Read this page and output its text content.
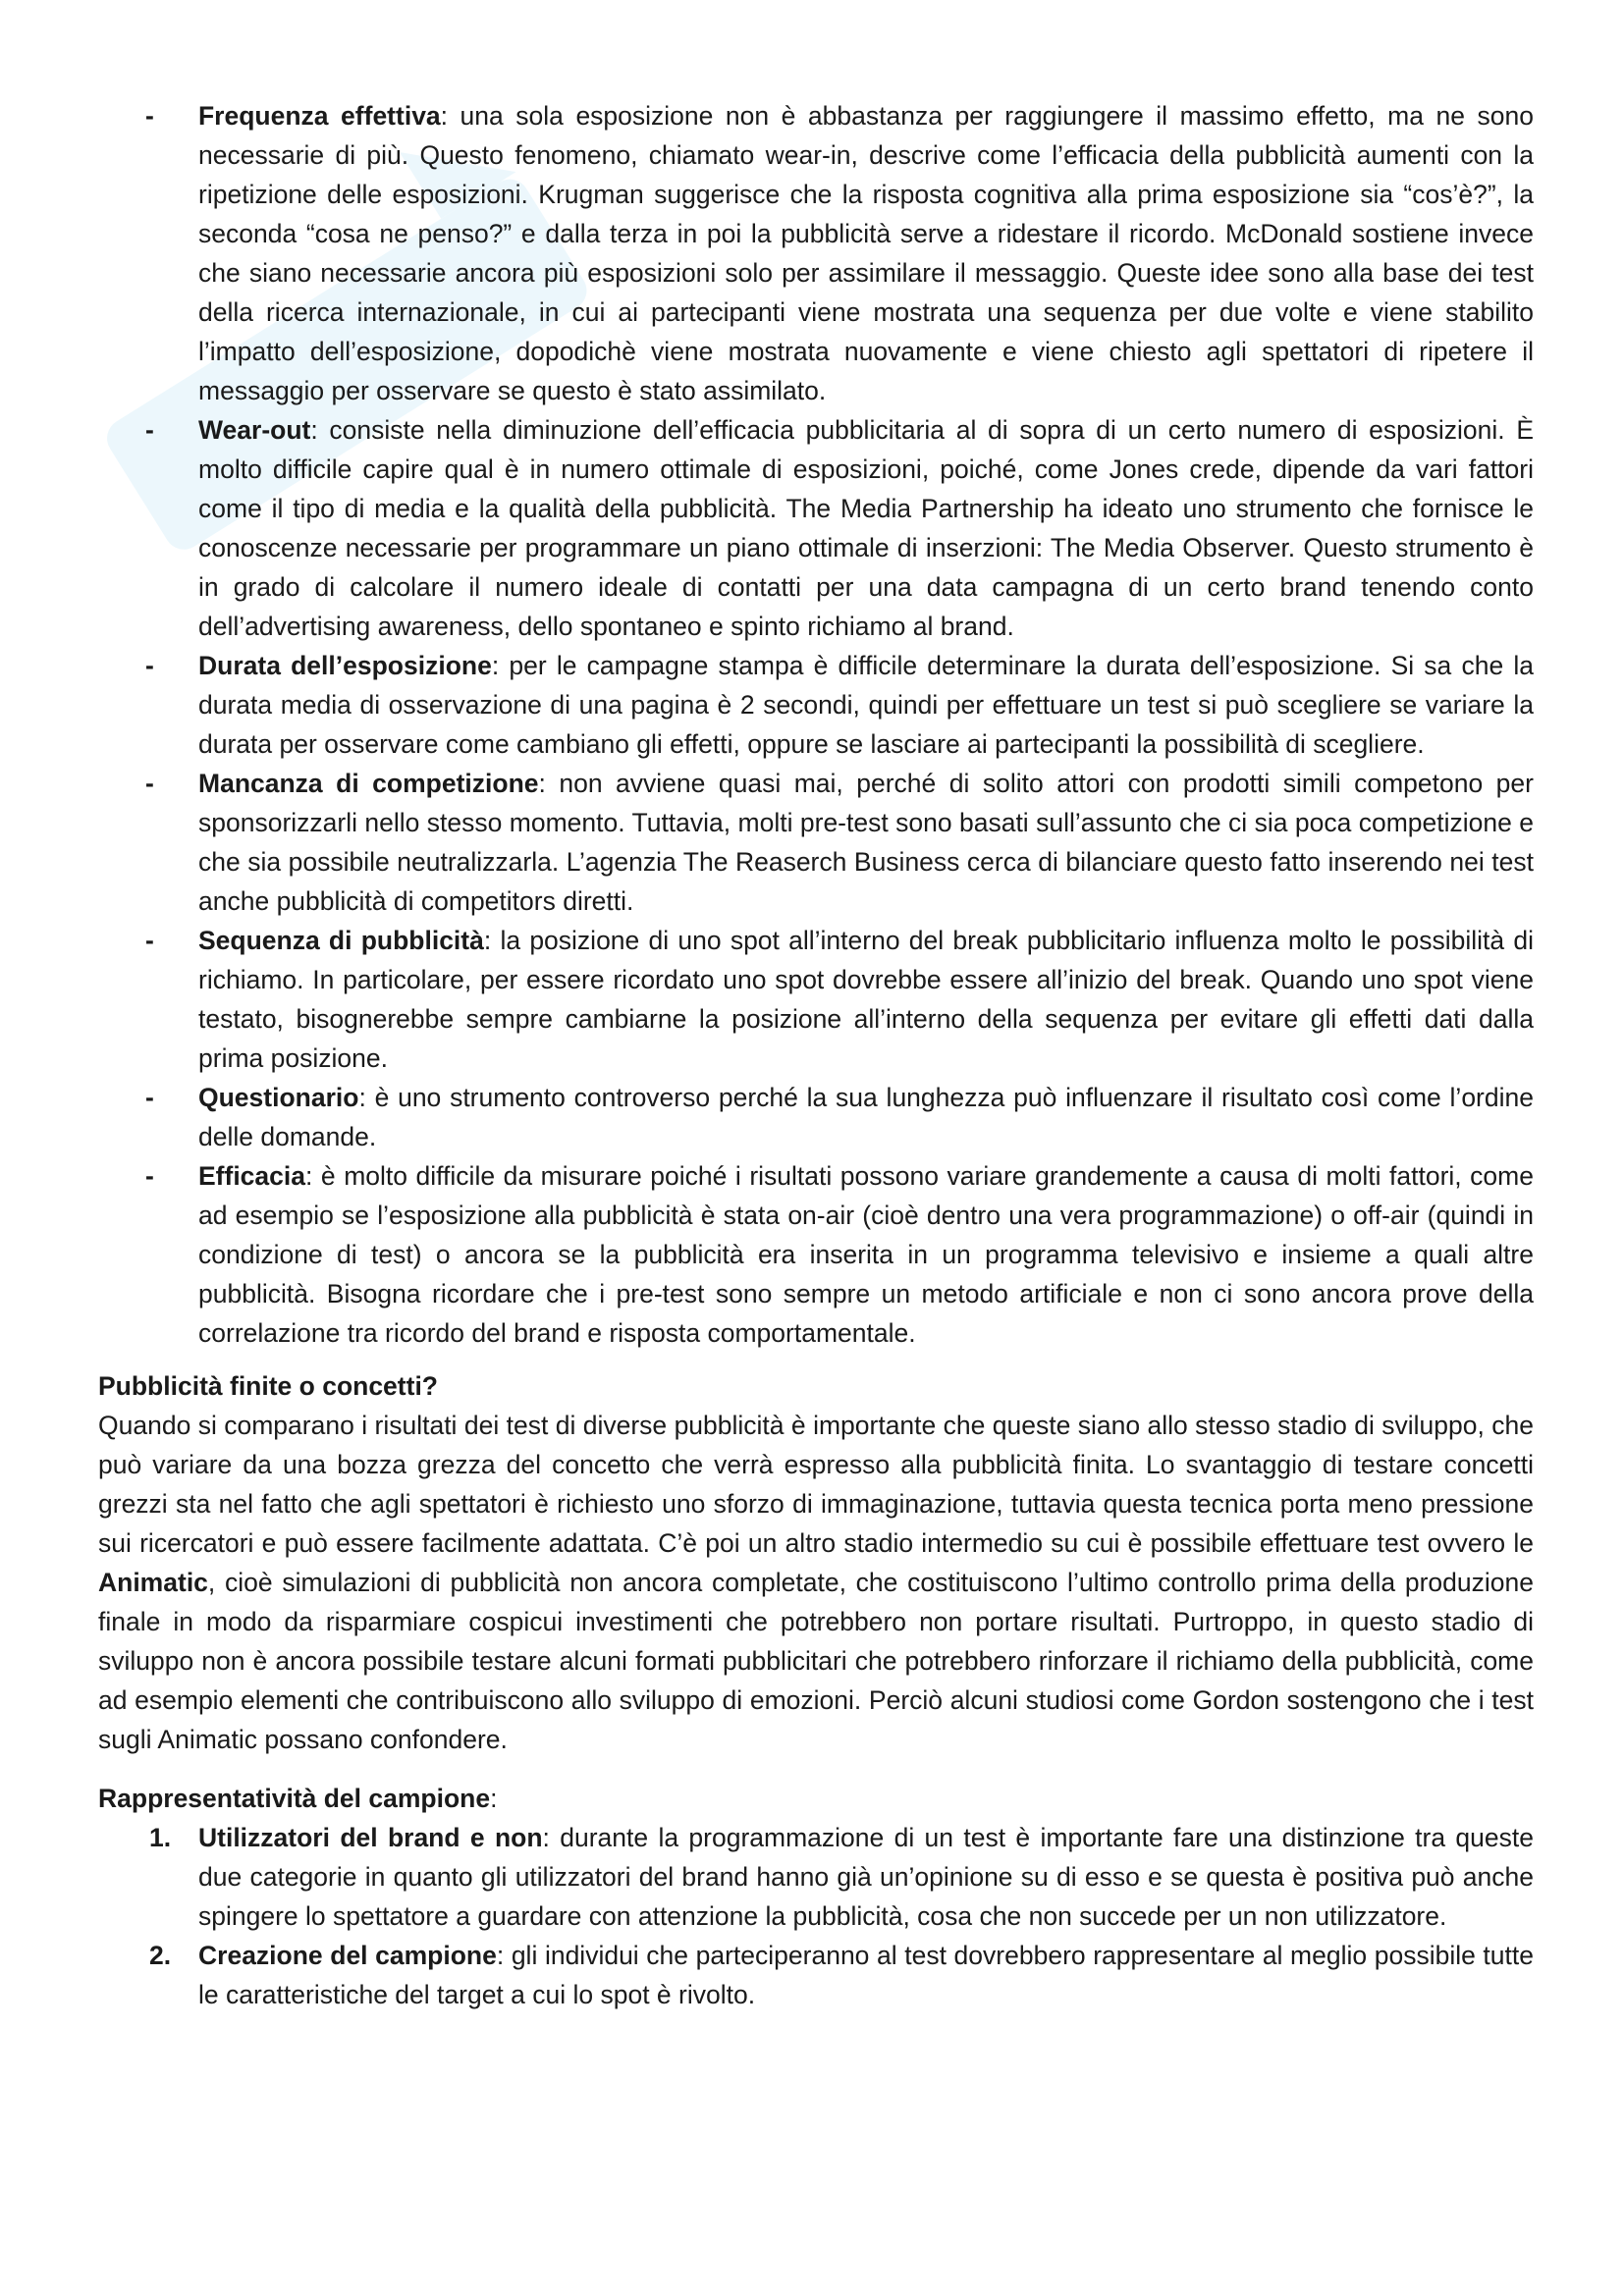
- Frequenza effettiva: una sola esposizione non è abbastanza per raggiungere il massimo effetto, ma ne sono necessarie di più. Questo fenomeno, chiamato wear-in, descrive come l’efficacia della pubblicità aumenti con la ripetizione delle esposizioni. Krugman suggerisce che la risposta cognitiva alla prima esposizione sia “cos’è?”, la seconda “cosa ne penso?” e dalla terza in poi la pubblicità serve a ridestare il ricordo. McDonald sostiene invece che siano necessarie ancora più esposizioni solo per assimilare il messaggio. Queste idee sono alla base dei test della ricerca internazionale, in cui ai partecipanti viene mostrata una sequenza per due volte e viene stabilito l’impatto dell’esposizione, dopodichè viene mostrata nuovamente e viene chiesto agli spettatori di ripetere il messaggio per osservare se questo è stato assimilato.
- Wear-out: consiste nella diminuzione dell’efficacia pubblicitaria al di sopra di un certo numero di esposizioni. È molto difficile capire qual è in numero ottimale di esposizioni, poiché, come Jones crede, dipende da vari fattori come il tipo di media e la qualità della pubblicità. The Media Partnership ha ideato uno strumento che fornisce le conoscenze necessarie per programmare un piano ottimale di inserzioni: The Media Observer. Questo strumento è in grado di calcolare il numero ideale di contatti per una data campagna di un certo brand tenendo conto dell’advertising awareness, dello spontaneo e spinto richiamo al brand.
- Durata dell’esposizione: per le campagne stampa è difficile determinare la durata dell’esposizione. Si sa che la durata media di osservazione di una pagina è 2 secondi, quindi per effettuare un test si può scegliere se variare la durata per osservare come cambiano gli effetti, oppure se lasciare ai partecipanti la possibilità di scegliere.
- Mancanza di competizione: non avviene quasi mai, perché di solito attori con prodotti simili competono per sponsorizzarli nello stesso momento. Tuttavia, molti pre-test sono basati sull’assunto che ci sia poca competizione e che sia possibile neutralizzarla. L’agenzia The Reaserch Business cerca di bilanciare questo fatto inserendo nei test anche pubblicità di competitors diretti.
- Sequenza di pubblicità: la posizione di uno spot all’interno del break pubblicitario influenza molto le possibilità di richiamo. In particolare, per essere ricordato uno spot dovrebbe essere all’inizio del break. Quando uno spot viene testato, bisognerebbe sempre cambiarne la posizione all’interno della sequenza per evitare gli effetti dati dalla prima posizione.
- Questionario: è uno strumento controverso perché la sua lunghezza può influenzare il risultato così come l’ordine delle domande.
- Efficacia: è molto difficile da misurare poiché i risultati possono variare grandemente a causa di molti fattori, come ad esempio se l’esposizione alla pubblicità è stata on-air (cioè dentro una vera programmazione) o off-air (quindi in condizione di test) o ancora se la pubblicità era inserita in un programma televisivo e insieme a quali altre pubblicità. Bisogna ricordare che i pre-test sono sempre un metodo artificiale e non ci sono ancora prove della correlazione tra ricordo del brand e risposta comportamentale.

Pubblicità finite o concetti?

Quando si comparano i risultati dei test di diverse pubblicità è importante che queste siano allo stesso stadio di sviluppo, che può variare da una bozza grezza del concetto che verrà espresso alla pubblicità finita. Lo svantaggio di testare concetti grezzi sta nel fatto che agli spettatori è richiesto uno sforzo di immaginazione, tuttavia questa tecnica porta meno pressione sui ricercatori e può essere facilmente adattata. C’è poi un altro stadio intermedio su cui è possibile effettuare test ovvero le Animatic, cioè simulazioni di pubblicità non ancora completate, che costituiscono l’ultimo controllo prima della produzione finale in modo da risparmiare cospicui investimenti che potrebbero non portare risultati. Purtroppo, in questo stadio di sviluppo non è ancora possibile testare alcuni formati pubblicitari che potrebbero rinforzare il richiamo della pubblicità, come ad esempio elementi che contribuiscono allo sviluppo di emozioni. Perciò alcuni studiosi come Gordon sostengono che i test sugli Animatic possano confondere.

Rappresentatività del campione:

1. Utilizzatori del brand e non: durante la programmazione di un test è importante fare una distinzione tra queste due categorie in quanto gli utilizzatori del brand hanno già un’opinione su di esso e se questa è positiva può anche spingere lo spettatore a guardare con attenzione la pubblicità, cosa che non succede per un non utilizzatore.
2. Creazione del campione: gli individui che parteciperanno al test dovrebbero rappresentare al meglio possibile tutte le caratteristiche del target a cui lo spot è rivolto.
